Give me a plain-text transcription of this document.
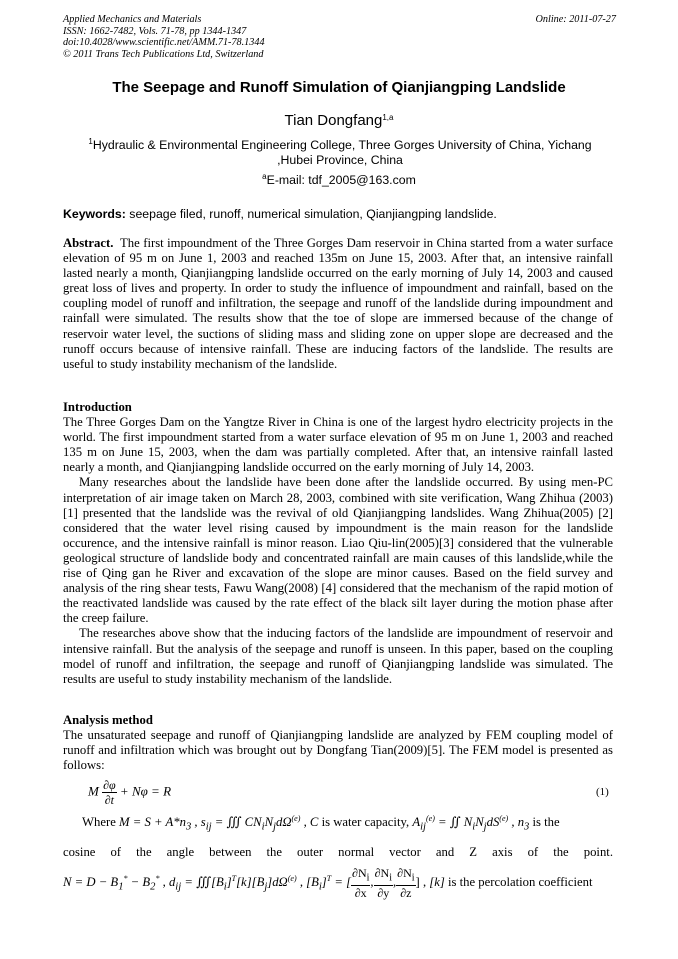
Applied Mechanics and Materials
ISSN: 1662-7482, Vols. 71-78, pp 1344-1347
doi:10.4028/www.scientific.net/AMM.71-78.1344
© 2011 Trans Tech Publications Ltd, Switzerland
Online: 2011-07-27
The Seepage and Runoff Simulation of Qianjiangping Landslide
Tian Dongfang$^{1,a}$
$^1$Hydraulic & Environmental Engineering College, Three Gorges University of China, Yichang ,Hubei Province, China
$^a$E-mail: tdf_2005@163.com
Keywords: seepage filed, runoff, numerical simulation, Qianjiangping landslide.

Abstract. The first impoundment of the Three Gorges Dam reservoir in China started from a water surface elevation of 95 m on June 1, 2003 and reached 135m on June 15, 2003. After that, an intensive rainfall lasted nearly a month, Qianjiangping landslide occurred on the early morning of July 14, 2003 and caused great loss of lives and property. In order to study the influence of impoundment and rainfall, based on the coupling model of runoff and infiltration, the seepage and runoff of the landslide during impoundment and rainfall were simulated. The results show that the toe of slope are immersed because of the change of reservoir water level, the suctions of sliding mass and sliding zone on upper slope are decreased and the runoff occurs because of intensive rainfall. These are inducing factors of the landslide. The results are useful to study instability mechanism of the landslide.

Introduction

The Three Gorges Dam on the Yangtze River in China is one of the largest hydro electricity projects in the world. The first impoundment started from a water surface elevation of 95 m on June 1, 2003 and reached 135 m on June 15, 2003, when the dam was partially completed. After that, an intensive rainfall lasted nearly a month, and Qianjiangping landslide occurred on the early morning of July 14, 2003.

Many researches about the landslide have been done after the landslide occurred. By using men-PC interpretation of air image taken on March 28, 2003, combined with site verification, Wang Zhihua (2003) [1] presented that the landslide was the revival of old Qianjiangping landslides. Wang Zhihua(2005) [2] considered that the water level rising caused by impoundment is the main reason for the landslide occurence, and the intensive rainfall is minor reason. Liao Qiu-lin(2005)[3] considered that the vulnerable geological structure of landslide body and concentrated rainfall are main causes of this landslide,while the rise of Qing gan he River and excavation of the slope are minor causes. Based on the field survey and analysis of the ring shear tests, Fawu Wang(2008) [4] considered that the mechanism of the rapid motion of the reactivated landslide was caused by the rate effect of the black silt layer during the motion phase after the creep failure.

The researches above show that the inducing factors of the landslide are impoundment of reservoir and intensive rainfall. But the analysis of the seepage and runoff is unseen. In this paper, based on the coupling model of runoff and infiltration, the seepage and runoff of Qianjiangping landslide was simulated. The results are useful to study instability mechanism of the landslide.

Analysis method

The unsaturated seepage and runoff of Qianjiangping landslide are analyzed by FEM coupling model of runoff and infiltration which was brought out by Dongfang Tian(2009)[5]. The FEM model is presented as follows:

M $\frac{\partial\varphi}{\partial t} + N\varphi = R$	(1)
Where $M = S + A*n_3$ , $s_{ij}$ = ∭ $CN_iN_jd\Omega^{(e)}$ , C is water capacity, $A_{ij}^{(e)}$ = ∬ $N_iN_jdS^{(e)}$ , $n_3$ is the
cosine of the angle between the outer normal vector and Z axis of the point.
$N = D - B_1^* - B_2^*$ , $d_{ij}$ = $∭[B_i]^T[k][B_j]d\Omega^{(e)}$ , $[B_i]^T$ = [ $\frac{\partial N_i}{\partial x}$ , $\frac{\partial N_i}{\partial y}$ , $\frac{\partial N_i}{\partial z}$ ] , [k] is the percolation coefficient
